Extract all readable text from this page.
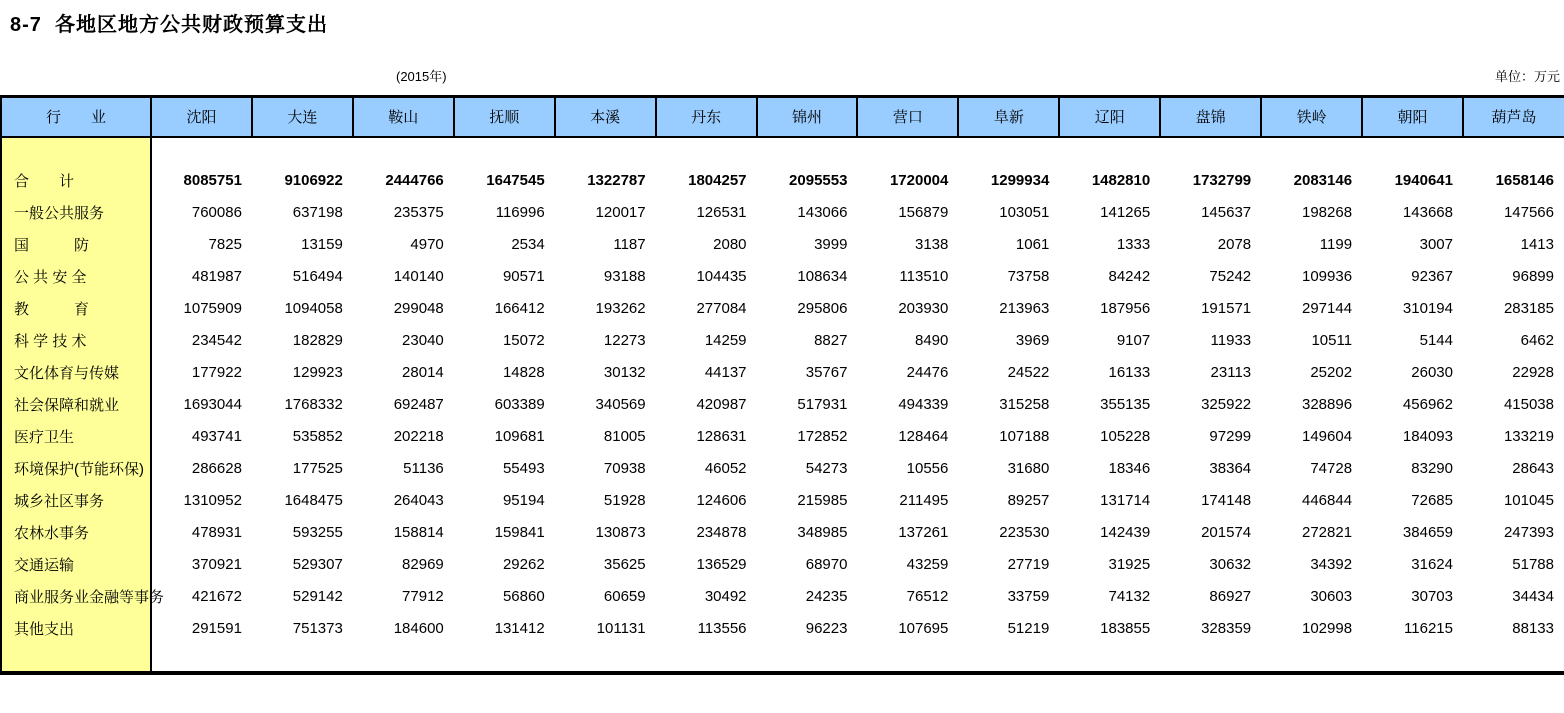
8-7  各地区地方公共财政预算支出
(2015年)	单位：万元
行　　业	沈阳	大连	鞍山	抚顺	本溪	丹东	锦州	营口	阜新	辽阳	盘锦	铁岭	朝阳	葫芦岛

合　　计	8085751	9106922	2444766	1647545	1322787	1804257	2095553	1720004	1299934	1482810	1732799	2083146	1940641	1658146
一般公共服务	760086	637198	235375	116996	120017	126531	143066	156879	103051	141265	145637	198268	143668	147566
国　　　防	7825	13159	4970	2534	1187	2080	3999	3138	1061	1333	2078	1199	3007	1413
公 共 安 全	481987	516494	140140	90571	93188	104435	108634	113510	73758	84242	75242	109936	92367	96899
教　　　育	1075909	1094058	299048	166412	193262	277084	295806	203930	213963	187956	191571	297144	310194	283185
科 学 技 术	234542	182829	23040	15072	12273	14259	8827	8490	3969	9107	11933	10511	5144	6462
文化体育与传媒	177922	129923	28014	14828	30132	44137	35767	24476	24522	16133	23113	25202	26030	22928
社会保障和就业	1693044	1768332	692487	603389	340569	420987	517931	494339	315258	355135	325922	328896	456962	415038
医疗卫生	493741	535852	202218	109681	81005	128631	172852	128464	107188	105228	97299	149604	184093	133219
环境保护(节能环保)	286628	177525	51136	55493	70938	46052	54273	10556	31680	18346	38364	74728	83290	28643
城乡社区事务	1310952	1648475	264043	95194	51928	124606	215985	211495	89257	131714	174148	446844	72685	101045
农林水事务	478931	593255	158814	159841	130873	234878	348985	137261	223530	142439	201574	272821	384659	247393
交通运输	370921	529307	82969	29262	35625	136529	68970	43259	27719	31925	30632	34392	31624	51788
商业服务业金融等事务	421672	529142	77912	56860	60659	30492	24235	76512	33759	74132	86927	30603	30703	34434
其他支出	291591	751373	184600	131412	101131	113556	96223	107695	51219	183855	328359	102998	116215	88133
